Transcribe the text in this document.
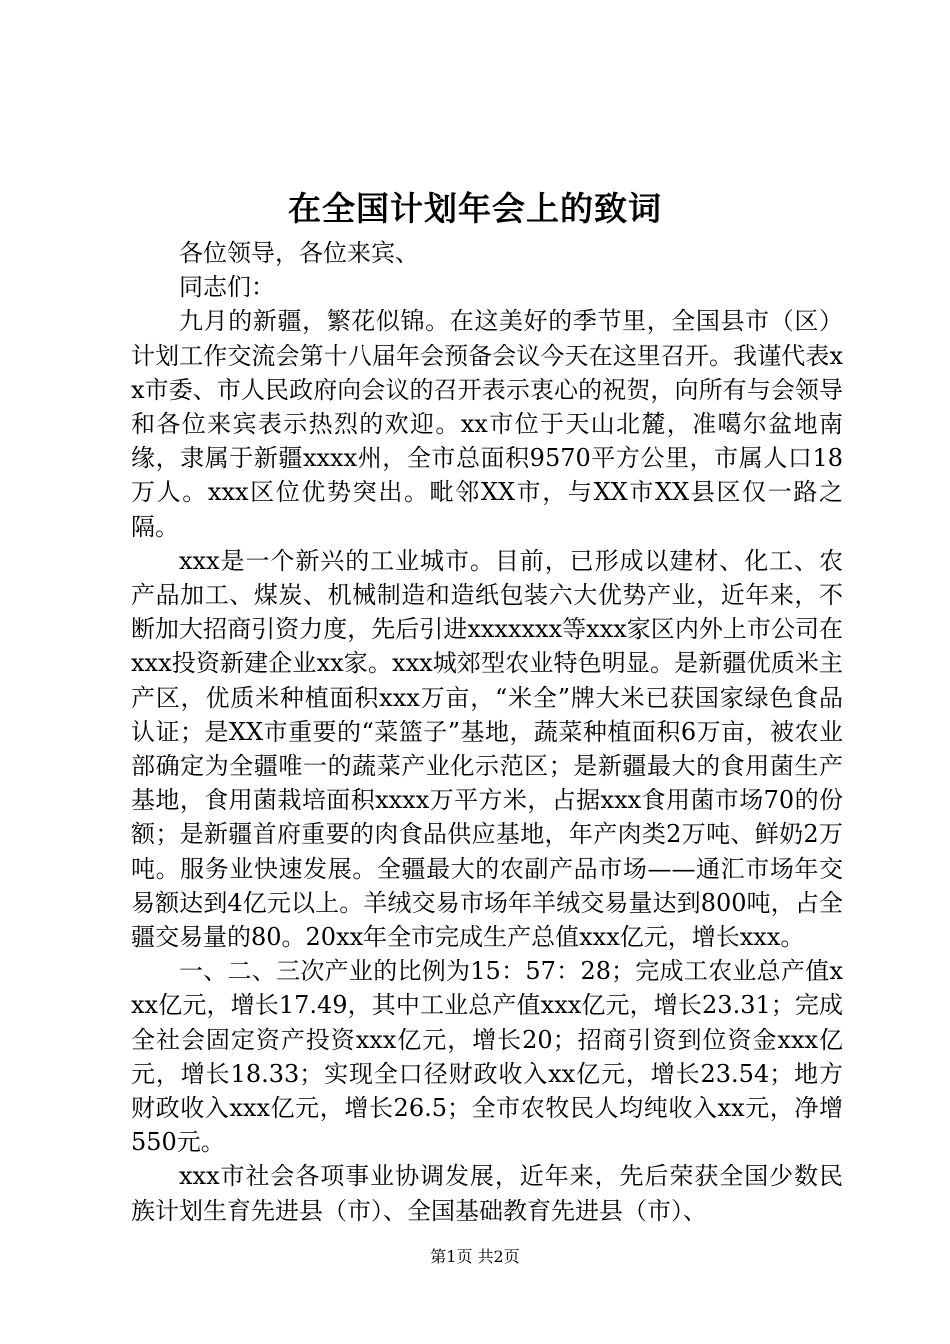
在全国计划年会上的致词

各位领导，各位来宾、

同志们：

九月的新疆，繁花似锦。在这美好的季节里，全国县市（区）计划工作交流会第十八届年会预备会议今天在这里召开。我谨代表xx市委、市人民政府向会议的召开表示衷心的祝贺，向所有与会领导和各位来宾表示热烈的欢迎。xx市位于天山北麓，准噶尔盆地南缘，隶属于新疆xxxx州，全市总面积9570平方公里，市属人口18万人。xxx区位优势突出。毗邻XX市，与XX市XX县区仅一路之隔。

xxx是一个新兴的工业城市。目前，已形成以建材、化工、农产品加工、煤炭、机械制造和造纸包装六大优势产业，近年来，不断加大招商引资力度，先后引进xxxxxxx等xxx家区内外上市公司在xxx投资新建企业xx家。xxx城郊型农业特色明显。是新疆优质米主产区，优质米种植面积xxx万亩，“米全”牌大米已获国家绿色食品认证；是XX市重要的“菜篮子”基地，蔬菜种植面积6万亩，被农业部确定为全疆唯一的蔬菜产业化示范区；是新疆最大的食用菌生产基地，食用菌栽培面积xxxx万平方米，占据xxx食用菌市场70的份额；是新疆首府重要的肉食品供应基地，年产肉类2万吨、鲜奶2万吨。服务业快速发展。全疆最大的农副产品市场——通汇市场年交易额达到4亿元以上。羊绒交易市场年羊绒交易量达到800吨，占全疆交易量的80。20xx年全市完成生产总值xxx亿元，增长xxx。

一、二、三次产业的比例为15：57：28；完成工农业总产值xxx亿元，增长17.49，其中工业总产值xxx亿元，增长23.31；完成全社会固定资产投资xxx亿元，增长20；招商引资到位资金xxx亿元，增长18.33；实现全口径财政收入xx亿元，增长23.54；地方财政收入xxx亿元，增长26.5；全市农牧民人均纯收入xx元，净增550元。

xxx市社会各项事业协调发展，近年来，先后荣获全国少数民族计划生育先进县（市）、全国基础教育先进县（市）、

第1页 共2页
